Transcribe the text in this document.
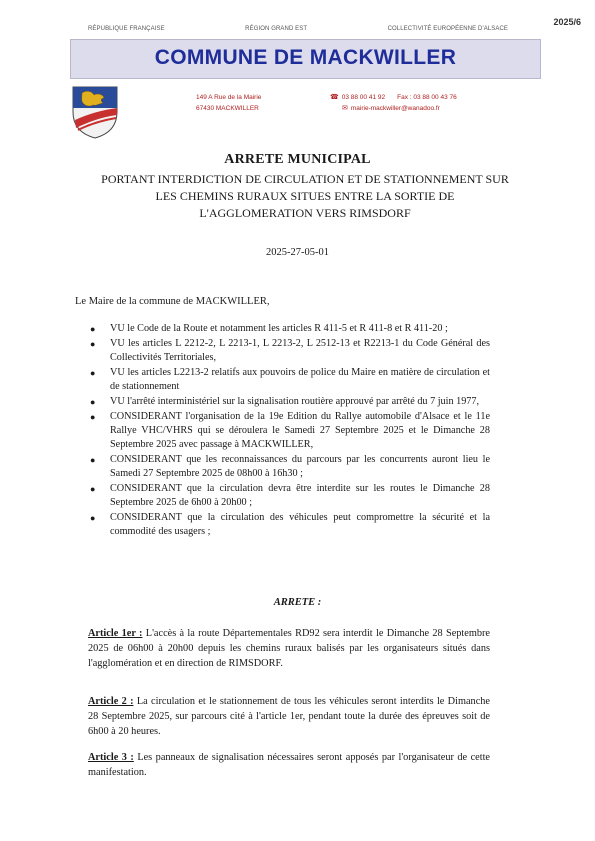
2025/6
RÉPUBLIQUE FRANÇAISE	RÉGION GRAND EST	COLLECTIVITÉ EUROPÉENNE D'ALSACE
COMMUNE DE MACKWILLER
149 A Rue de la Mairie
67430 MACKWILLER
☎ 03 88 00 41 92 Fax : 03 88 00 43 76
✉ mairie-mackwiller@wanadoo.fr
ARRETE MUNICIPAL
PORTANT INTERDICTION DE CIRCULATION ET DE STATIONNEMENT SUR LES CHEMINS RURAUX SITUES ENTRE LA SORTIE DE L'AGGLOMERATION VERS RIMSDORF
2025-27-05-01
Le Maire de la commune de MACKWILLER,
● VU le Code de la Route et notamment les articles R 411-5 et R 411-8 et R 411-20 ;
● VU les articles L 2212-2, L 2213-1, L 2213-2, L 2512-13 et R2213-1 du Code Général des Collectivités Territoriales,
● VU les articles L2213-2 relatifs aux pouvoirs de police du Maire en matière de circulation et de stationnement
● VU l'arrêté interministériel sur la signalisation routière approuvé par arrêté du 7 juin 1977,
● CONSIDERANT l'organisation de la 19e Edition du Rallye automobile d'Alsace et le 11e Rallye VHC/VHRS qui se déroulera le Samedi 27 Septembre 2025 et le Dimanche 28 Septembre 2025 avec passage à MACKWILLER,
● CONSIDERANT que les reconnaissances du parcours par les concurrents auront lieu le Samedi 27 Septembre 2025 de 08h00 à 16h30 ;
● CONSIDERANT que la circulation devra être interdite sur les routes le Dimanche 28 Septembre 2025 de 6h00 à 20h00 ;
● CONSIDERANT que la circulation des véhicules peut compromettre la sécurité et la commodité des usagers ;
ARRETE :
Article 1er : L'accès à la route Départementales RD92 sera interdit le Dimanche 28 Septembre 2025 de 06h00 à 20h00 depuis les chemins ruraux balisés par les organisateurs situés dans l'agglomération et en direction de RIMSDORF.
Article 2 : La circulation et le stationnement de tous les véhicules seront interdits le Dimanche 28 Septembre 2025, sur parcours cité à l'article 1er, pendant toute la durée des épreuves soit de 6h00 à 20 heures.
Article 3 : Les panneaux de signalisation nécessaires seront apposés par l'organisateur de cette manifestation.
